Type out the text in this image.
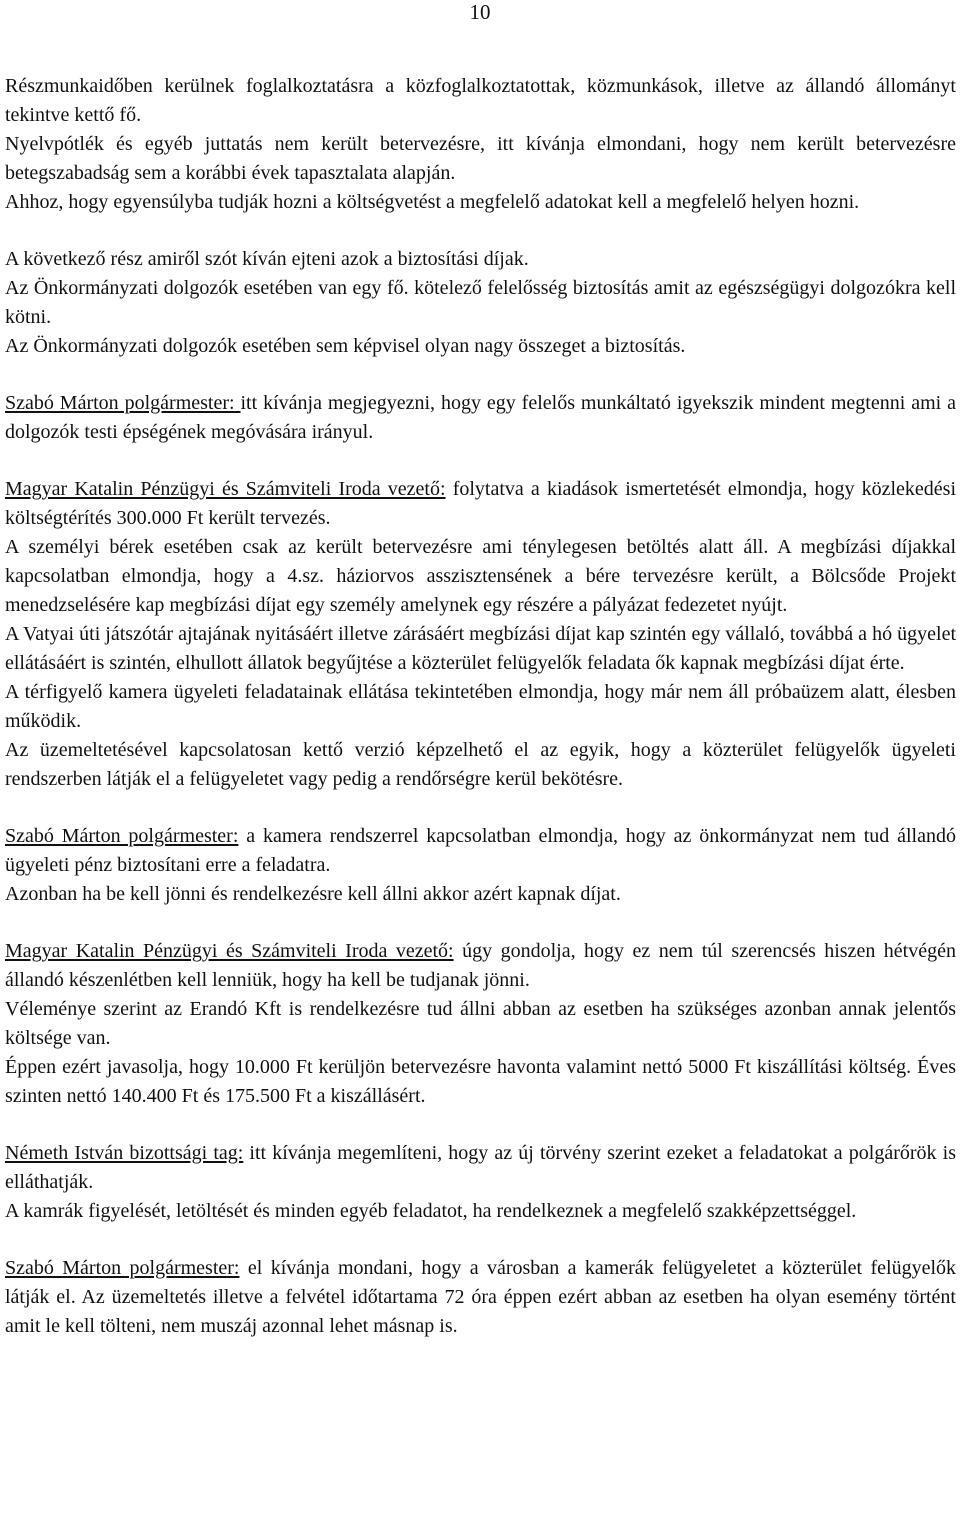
10

Részmunkaidőben kerülnek foglalkoztatásra a közfoglalkoztatottak, közmunkások, illetve az állandó állományt tekintve kettő fő.

Nyelvpótlék és egyéb juttatás nem került betervezésre, itt kívánja elmondani, hogy nem került betervezésre betegszabadság sem a korábbi évek tapasztalata alapján.

Ahhoz, hogy egyensúlyba tudják hozni a költségvetést a megfelelő adatokat kell a megfelelő helyen hozni.

A következő rész amiről szót kíván ejteni azok a biztosítási díjak.

Az Önkormányzati dolgozók esetében van egy fő. kötelező felelősség biztosítás amit az egészségügyi dolgozókra kell kötni.

Az Önkormányzati dolgozók esetében sem képvisel olyan nagy összeget a biztosítás.

Szabó Márton polgármester: itt kívánja megjegyezni, hogy egy felelős munkáltató igyekszik mindent megtenni ami a dolgozók testi épségének megóvására irányul.

Magyar Katalin Pénzügyi és Számviteli Iroda vezető: folytatva a kiadások ismertetését elmondja, hogy közlekedési költségtérítés 300.000 Ft került tervezés.

A személyi bérek esetében csak az került betervezésre ami ténylegesen betöltés alatt áll. A megbízási díjakkal kapcsolatban elmondja, hogy a 4.sz. háziorvos asszisztensének a bére tervezésre került, a Bölcsőde Projekt menedzselésére kap megbízási díjat egy személy amelynek egy részére a pályázat fedezetet nyújt.

A Vatyai úti játszótár ajtajának nyitásáért illetve zárásáért megbízási díjat kap szintén egy vállaló, továbbá a hó ügyelet ellátásáért is szintén, elhullott állatok begyűjtése a közterület felügyelők feladata ők kapnak megbízási díjat érte.

A térfigyelő kamera ügyeleti feladatainak ellátása tekintetében elmondja, hogy már nem áll próbaüzem alatt, élesben működik.

Az üzemeltetésével kapcsolatosan kettő verzió képzelhető el az egyik, hogy a közterület felügyelők ügyeleti rendszerben látják el a felügyeletet vagy pedig a rendőrségre kerül bekötésre.

Szabó Márton polgármester: a kamera rendszerrel kapcsolatban elmondja, hogy az önkormányzat nem tud állandó ügyeleti pénz biztosítani erre a feladatra.

Azonban ha be kell jönni és rendelkezésre kell állni akkor azért kapnak díjat.

Magyar Katalin Pénzügyi és Számviteli Iroda vezető: úgy gondolja, hogy ez nem túl szerencsés hiszen hétvégén állandó készenlétben kell lenniük, hogy ha kell be tudjanak jönni.

Véleménye szerint az Erandó Kft is rendelkezésre tud állni abban az esetben ha szükséges azonban annak jelentős költsége van.

Éppen ezért javasolja, hogy 10.000 Ft kerüljön betervezésre havonta valamint nettó 5000 Ft kiszállítási költség. Éves szinten nettó 140.400 Ft és 175.500 Ft a kiszállásért.

Németh István bizottsági tag: itt kívánja megemlíteni, hogy az új törvény szerint ezeket a feladatokat a polgárőrök is elláthatják.

A kamrák figyelését, letöltését és minden egyéb feladatot, ha rendelkeznek a megfelelő szakképzettséggel.

Szabó Márton polgármester: el kívánja mondani, hogy a városban a kamerák felügyeletet a közterület felügyelők látják el. Az üzemeltetés illetve a felvétel időtartama 72 óra éppen ezért abban az esetben ha olyan esemény történt amit le kell tölteni, nem muszáj azonnal lehet másnap is.
